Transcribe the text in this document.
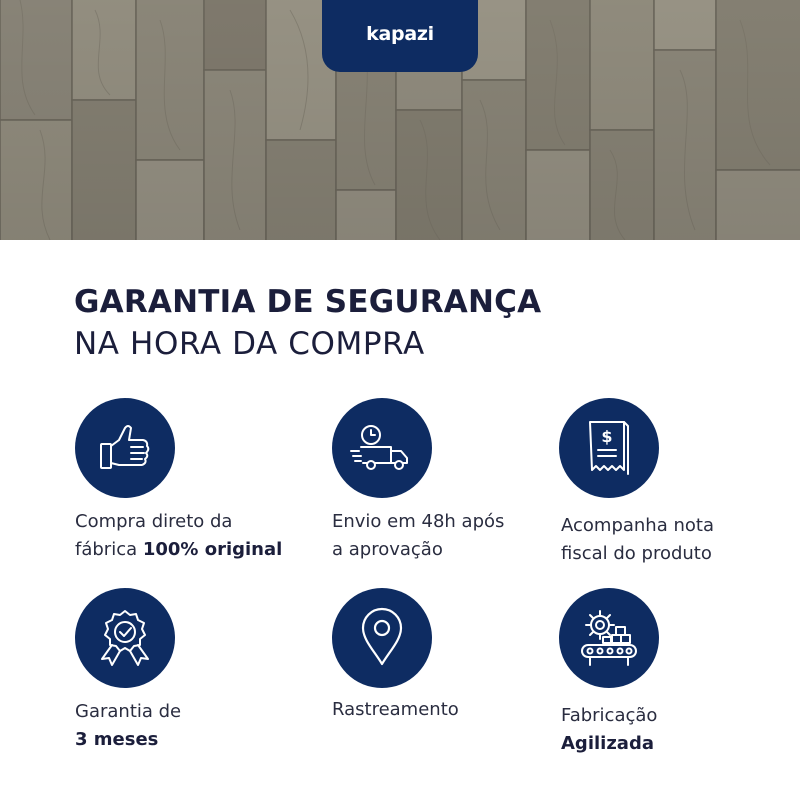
kapazi
GARANTIA DE SEGURANÇA
NA HORA DA COMPRA
Compra direto da
fábrica 100% original
Envio em 48h após
a aprovação
$
Acompanha nota
fiscal do produto
Garantia de
3 meses
Rastreamento	Fabricação
Agilizada
